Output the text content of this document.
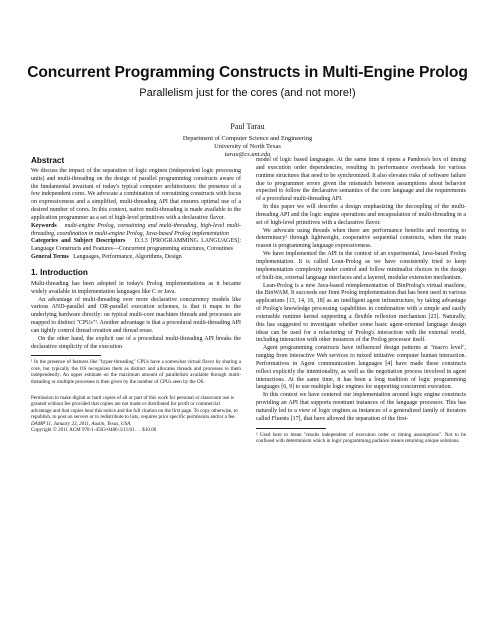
Concurrent Programming Constructs in Multi-Engine Prolog
Parallelism just for the cores (and not more!)
Paul Tarau
Department of Computer Science and Engineering
University of North Texas
tarau@cs.unt.edu
Abstract

We discuss the impact of the separation of logic engines (independent logic processing units) and multi-threading on the design of parallel programming constructs aware of the fundamental invariant of today's typical computer architectures: the presence of a few independent cores. We advocate a combination of coroutining constructs with focus on expressiveness and a simplified, multi-threading API that ensures optimal use of a desired number of cores. In this context, native multi-threading is made available to the application programmer as a set of high-level primitives with a declarative flavor.

Keywords multi-engine Prolog, coroutining and multi-threading, high-level multi-threading, coordination in multi-engine Prolog, Java-based Prolog implementation

Categories and Subject Descriptors D.3.3 [PROGRAMMING LANGUAGES]: Language Constructs and Features—Concurrent programming structures, Coroutines

General Terms Languages, Performance, Algorithms, Design

1. Introduction

Multi-threading has been adopted in today's Prolog implementations as it became widely available in implementation languages like C or Java.

An advantage of multi-threading over more declarative concurrency models like various AND-parallel and OR-parallel execution schemes, is that it maps to the underlying hardware directly: on typical multi-core machines threads and processes are mapped to distinct "CPUs"¹. Another advantage is that a procedural multi-threading API can tightly control thread creation and thread reuse.

On the other hand, the explicit use of a procedural multi-threading API breaks the declarative simplicity of the execution

¹ In the presence of features like "hyper-threading" CPUs have a somewhat virtual flavor by sharing a core, but typically the OS recognizes them as distinct and allocates threads and processes to them independently. An upper estimate on the maximum amount of parallelism available through multi-threading or multiple processes is then given by the number of CPUs seen by the OS.

Permission to make digital or hard copies of all or part of this work for personal or classroom use is granted without fee provided that copies are not made or distributed for profit or commercial advantage and that copies bear this notice and the full citation on the first page. To copy otherwise, to republish, to post on servers or to redistribute to lists, requires prior specific permission and/or a fee.
DAMP'11, January 23, 2011, Austin, Texas, USA.
Copyright © 2011 ACM 978-1-4503-0486-3/11/01. . . $10.00

model of logic based languages. At the same time it opens a Pandora's box of timing and execution order dependencies, resulting in performance overheads for various runtime structures that need to be synchronized. It also elevates risks of software failure due to programmer errors given the mismatch between assumptions about behavior expected to follow the declarative semantics of the core language and the requirements of a procedural multi-threading API.

In this paper we will describe a design emphasizing the decoupling of the multi-threading API and the logic engine operations and encapsulation of multi-threading in a set of high-level primitives with a declarative flavor.

We advocate using threads when there are performance benefits and resorting to determinacy² through lightweight, cooperative sequential constructs, when the main reason is programming language expressiveness.

We have implemented the API in the context of an experimental, Java-based Prolog implementation. It is called Lean-Prolog as we have consistently tried to keep implementation complexity under control and follow minimalist choices in the design of built-ins, external language interfaces and a layered, modular extension mechanism.

Lean-Prolog is a new Java-based reimplementation of BinProlog's virtual machine, the BinWAM. It succeeds our Jinni Prolog implementation that has been used in various applications [13, 14, 16, 18] as an intelligent agent infrastructure, by taking advantage of Prolog's knowledge processing capabilities in combination with a simple and easily extensible runtime kernel supporting a flexible reflexion mechanism [23]. Naturally, this has suggested to investigate whether some basic agent-oriented language design ideas can be used for a refactoring of Prolog's interaction with the external world, including interaction with other instances of the Prolog processor itself.

Agent programming constructs have influenced design patterns at "macro level", ranging from interactive Web services to mixed initiative computer human interaction. Performatives in Agent communication languages [4] have made these constructs reflect explicitly the intentionality, as well as the negotiation process involved in agent interactions. At the same time, it has been a long tradition of logic programming languages [6, 9] to use multiple logic engines for supporting concurrent execution.

In this context we have centered our implementation around logic engine constructs providing an API that supports reentrant instances of the language processor. This has naturally led to a view of logic engines as instances of a generalized family of iterators called Fluents [17], that have allowed the separation of the first-

² Used here to mean "results independent of execution order or timing assumptions". Not to be confused with determinism which in logic programming parlance means returning unique solutions.
